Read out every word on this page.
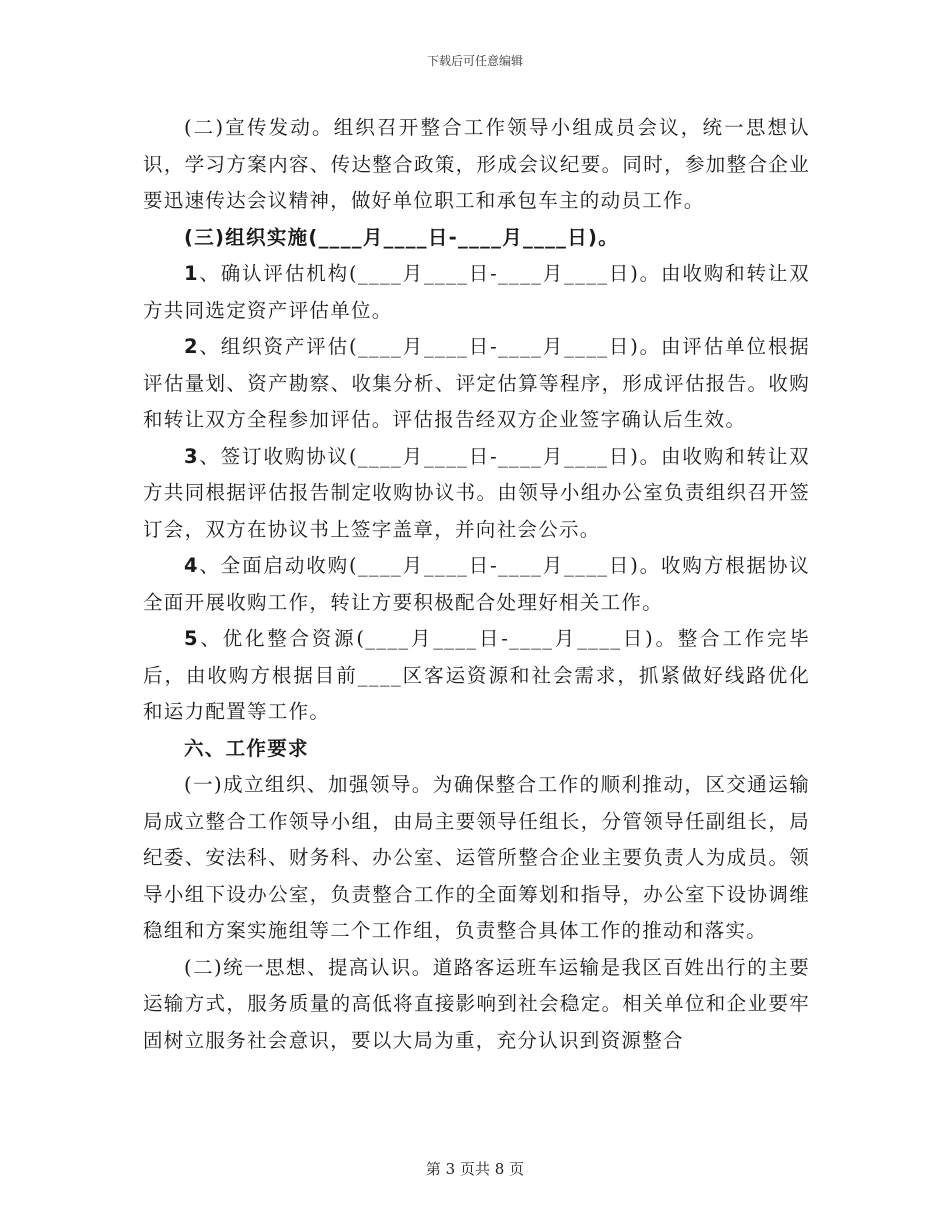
下载后可任意编辑

(二)宣传发动。组织召开整合工作领导小组成员会议，统一思想认识，学习方案内容、传达整合政策，形成会议纪要。同时，参加整合企业要迅速传达会议精神，做好单位职工和承包车主的动员工作。

(三)组织实施(____月____日-____月____日)。

1、确认评估机构(____月____日-____月____日)。由收购和转让双方共同选定资产评估单位。

2、组织资产评估(____月____日-____月____日)。由评估单位根据评估量划、资产勘察、收集分析、评定估算等程序，形成评估报告。收购和转让双方全程参加评估。评估报告经双方企业签字确认后生效。

3、签订收购协议(____月____日-____月____日)。由收购和转让双方共同根据评估报告制定收购协议书。由领导小组办公室负责组织召开签订会，双方在协议书上签字盖章，并向社会公示。

4、全面启动收购(____月____日-____月____日)。收购方根据协议全面开展收购工作，转让方要积极配合处理好相关工作。

5、优化整合资源(____月____日-____月____日)。整合工作完毕后，由收购方根据目前____区客运资源和社会需求，抓紧做好线路优化和运力配置等工作。

六、工作要求

(一)成立组织、加强领导。为确保整合工作的顺利推动，区交通运输局成立整合工作领导小组，由局主要领导任组长，分管领导任副组长，局纪委、安法科、财务科、办公室、运管所整合企业主要负责人为成员。领导小组下设办公室，负责整合工作的全面筹划和指导，办公室下设协调维稳组和方案实施组等二个工作组，负责整合具体工作的推动和落实。

(二)统一思想、提高认识。道路客运班车运输是我区百姓出行的主要运输方式，服务质量的高低将直接影响到社会稳定。相关单位和企业要牢固树立服务社会意识，要以大局为重，充分认识到资源整合

第 3 页共 8 页
